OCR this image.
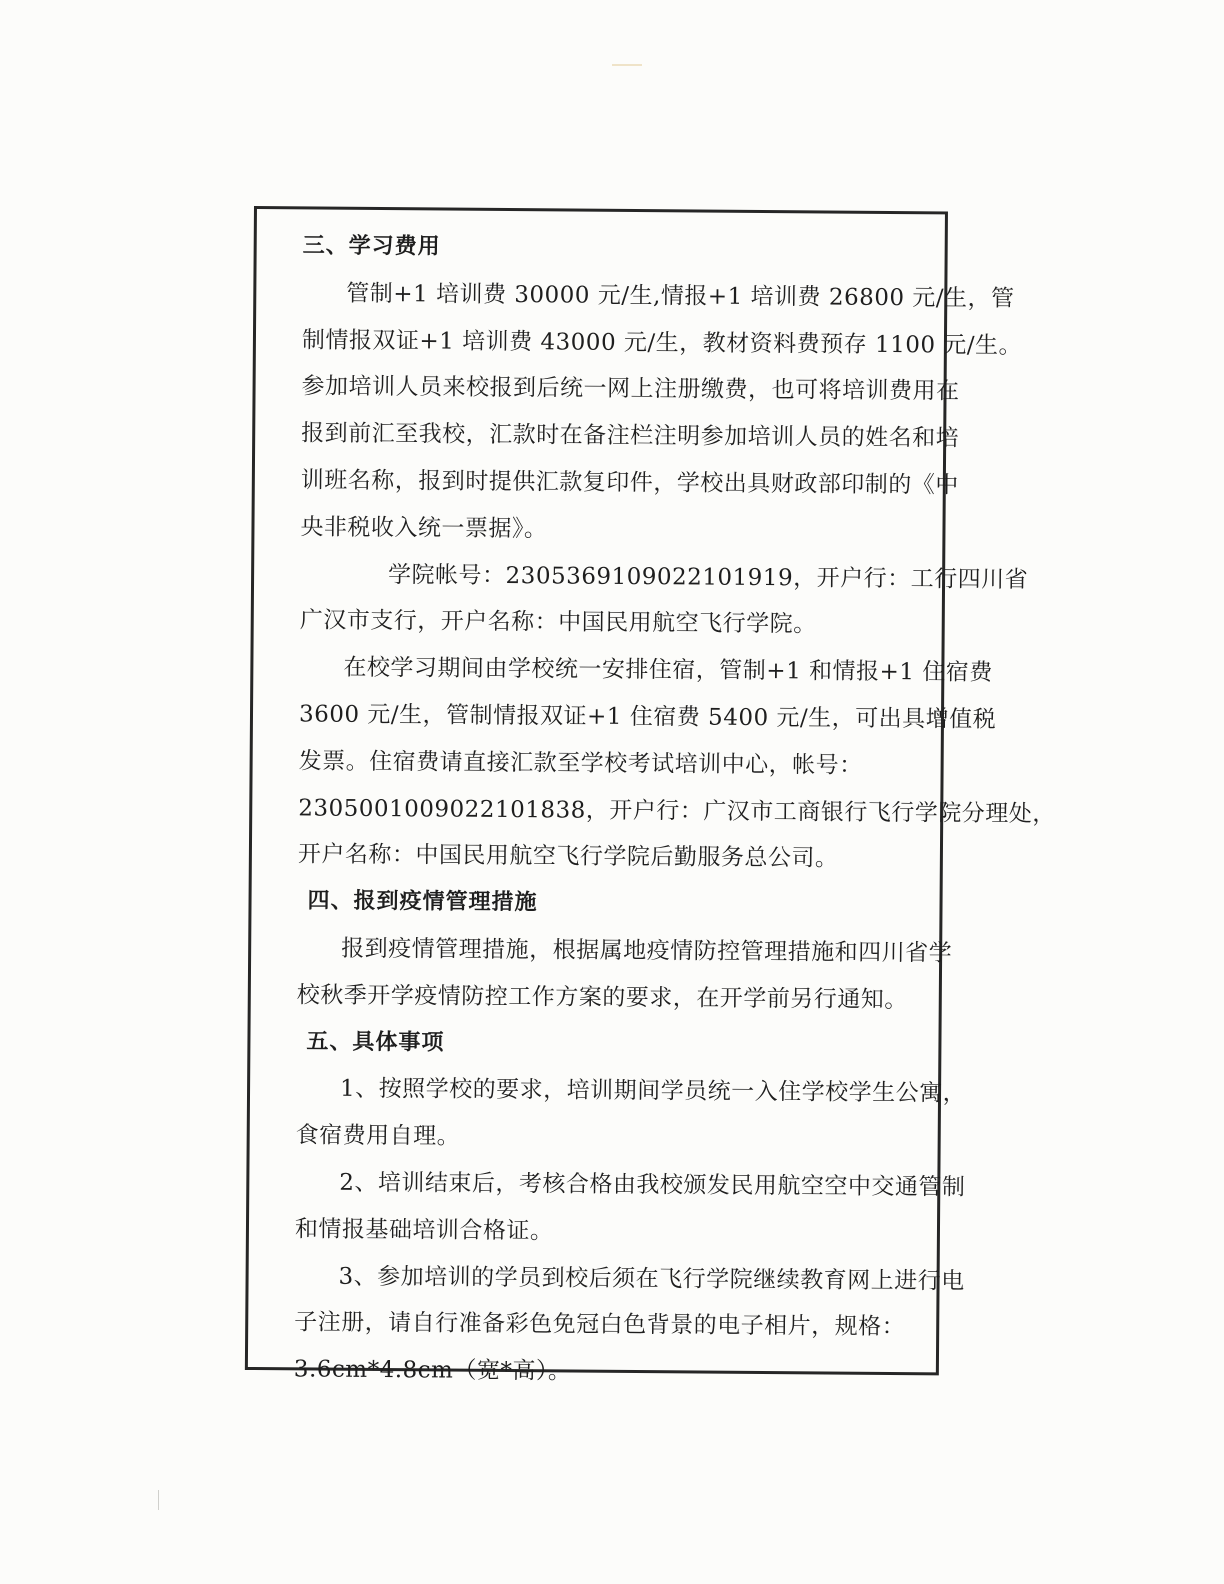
三、学习费用
管制+1 培训费 30000 元/生,情报+1 培训费 26800 元/生，管
制情报双证+1 培训费 43000 元/生，教材资料费预存 1100 元/生。
参加培训人员来校报到后统一网上注册缴费，也可将培训费用在
报到前汇至我校，汇款时在备注栏注明参加培训人员的姓名和培
训班名称，报到时提供汇款复印件，学校出具财政部印制的《中
央非税收入统一票据》。
学院帐号：2305369109022101919，开户行：工行四川省
广汉市支行，开户名称：中国民用航空飞行学院。
在校学习期间由学校统一安排住宿，管制+1 和情报+1 住宿费
3600 元/生，管制情报双证+1 住宿费 5400 元/生，可出具增值税
发票。住宿费请直接汇款至学校考试培训中心，帐号：
2305001009022101838，开户行：广汉市工商银行飞行学院分理处，
开户名称：中国民用航空飞行学院后勤服务总公司。
四、报到疫情管理措施
报到疫情管理措施，根据属地疫情防控管理措施和四川省学
校秋季开学疫情防控工作方案的要求，在开学前另行通知。
五、具体事项
1、按照学校的要求，培训期间学员统一入住学校学生公寓，
食宿费用自理。
2、培训结束后，考核合格由我校颁发民用航空空中交通管制
和情报基础培训合格证。
3、参加培训的学员到校后须在飞行学院继续教育网上进行电
子注册，请自行准备彩色免冠白色背景的电子相片，规格：
3.6cm*4.8cm（宽*高）。
